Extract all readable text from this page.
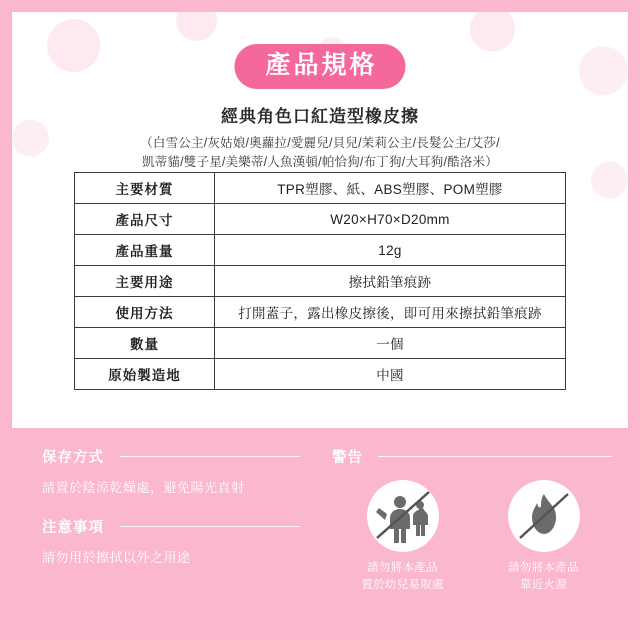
產品規格
經典角色口紅造型橡皮擦
（白雪公主/灰姑娘/奧蘿拉/愛麗兒/貝兒/茉莉公主/長髮公主/艾莎/
凱蒂貓/雙子星/美樂蒂/人魚漢頓/帕恰狗/布丁狗/大耳狗/酷洛米）
主要材質	TPR塑膠、紙、ABS塑膠、POM塑膠
產品尺寸	W20×H70×D20mm
產品重量	12g
主要用途	擦拭鉛筆痕跡
使用方法	打開蓋子，露出橡皮擦後，即可用來擦拭鉛筆痕跡
數量	一個
原始製造地	中國
保存方式
請置於陰涼乾燥處，避免陽光直射
注意事項
請勿用於擦拭以外之用途
警告
請勿將本產品
置於幼兒易取處
請勿將本產品
靠近火源
